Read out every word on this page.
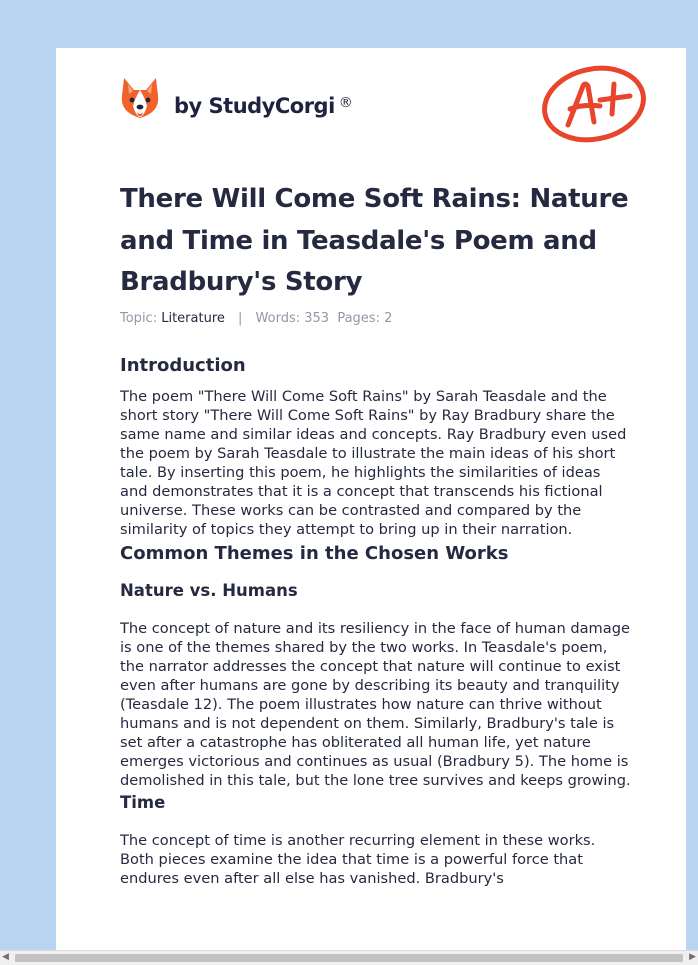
by StudyCorgi ®
There Will Come Soft Rains: Nature and Time in Teasdale's Poem and Bradbury's Story
Topic: Literature | Words: 353 Pages: 2
Introduction

The poem "There Will Come Soft Rains" by Sarah Teasdale and the short story "There Will Come Soft Rains" by Ray Bradbury share the same name and similar ideas and concepts. Ray Bradbury even used the poem by Sarah Teasdale to illustrate the main ideas of his short tale. By inserting this poem, he highlights the similarities of ideas and demonstrates that it is a concept that transcends his fictional universe. These works can be contrasted and compared by the similarity of topics they attempt to bring up in their narration.

Common Themes in the Chosen Works
Nature vs. Humans

The concept of nature and its resiliency in the face of human damage is one of the themes shared by the two works. In Teasdale's poem, the narrator addresses the concept that nature will continue to exist even after humans are gone by describing its beauty and tranquility (Teasdale 12). The poem illustrates how nature can thrive without humans and is not dependent on them. Similarly, Bradbury's tale is set after a catastrophe has obliterated all human life, yet nature emerges victorious and continues as usual (Bradbury 5). The home is demolished in this tale, but the lone tree survives and keeps growing.

Time

The concept of time is another recurring element in these works. Both pieces examine the idea that time is a powerful force that endures even after all else has vanished. Bradbury's

◀	▶
